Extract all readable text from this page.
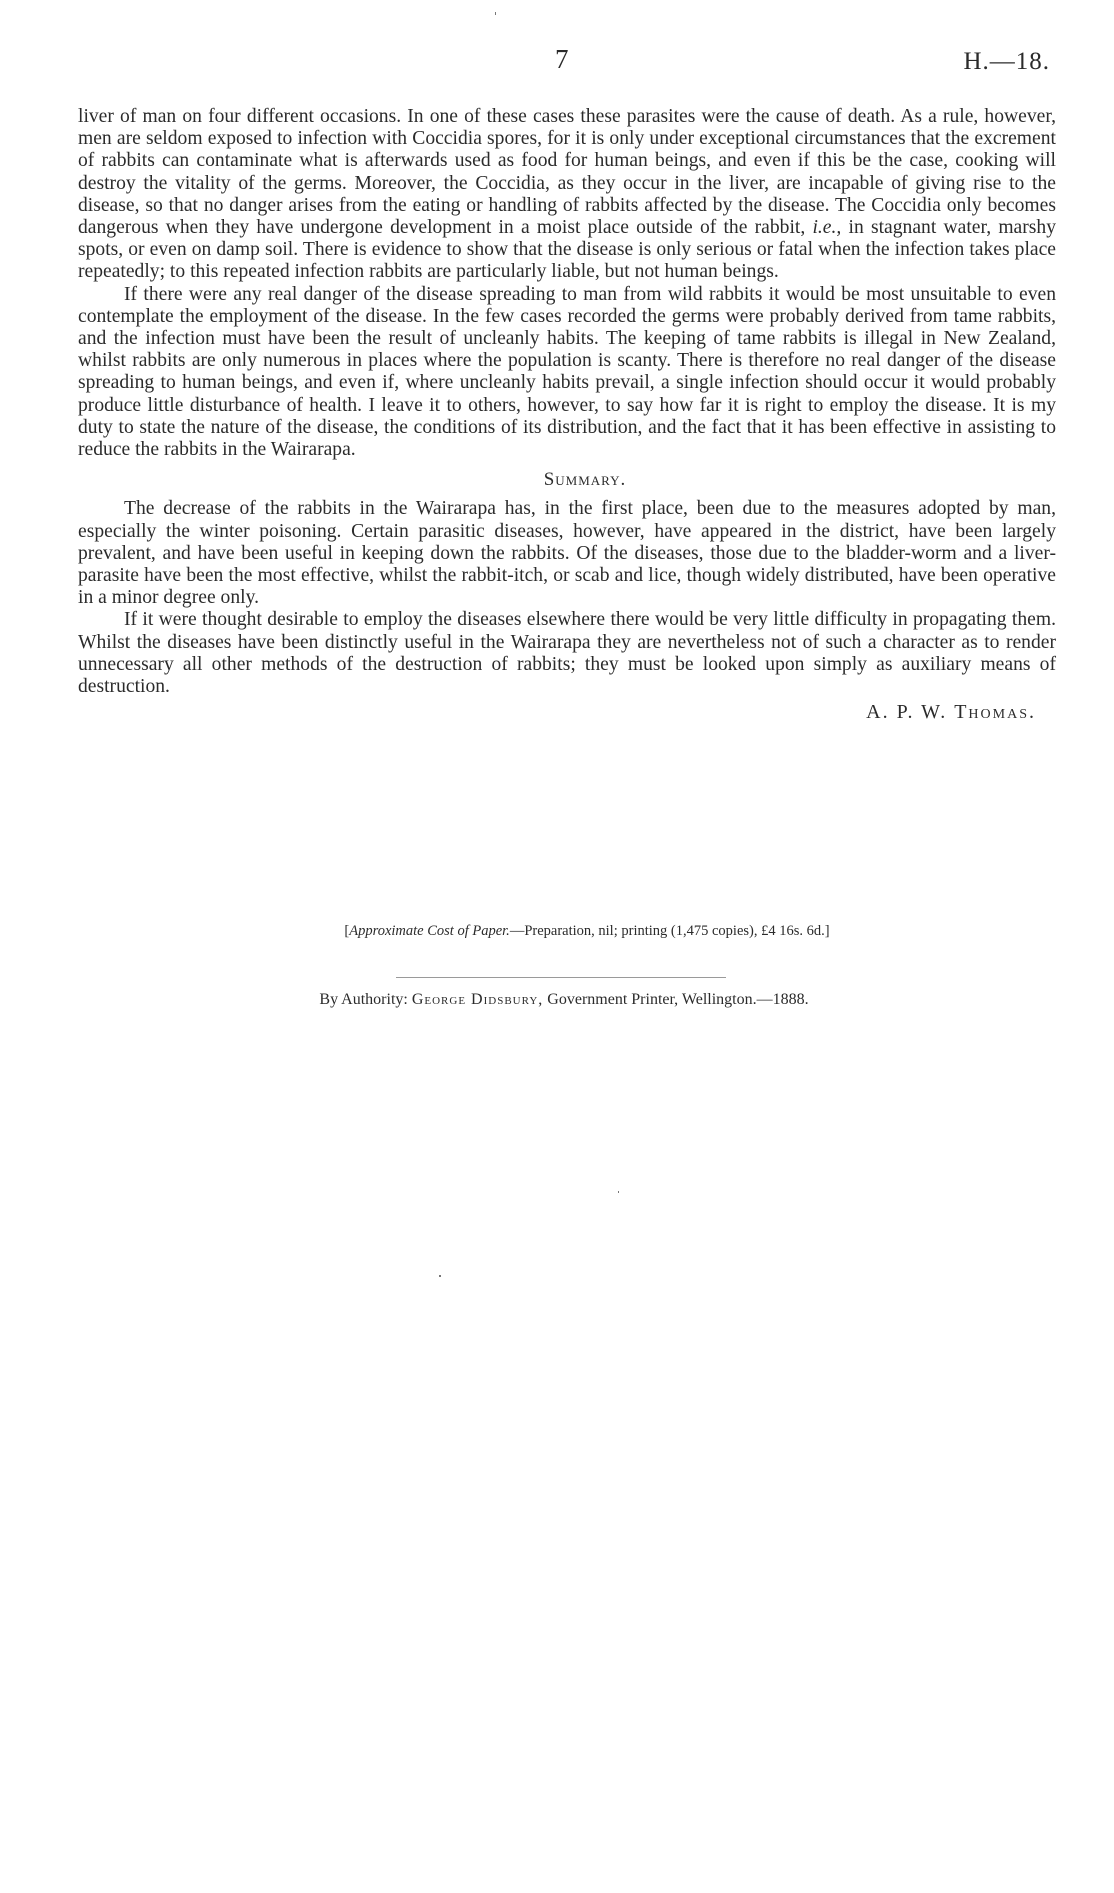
7	H.—18.

liver of man on four different occasions. In one of these cases these parasites were the cause of death. As a rule, however, men are seldom exposed to infection with Coccidia spores, for it is only under exceptional circumstances that the excrement of rabbits can contaminate what is afterwards used as food for human beings, and even if this be the case, cooking will destroy the vitality of the germs. Moreover, the Coccidia, as they occur in the liver, are incapable of giving rise to the disease, so that no danger arises from the eating or handling of rabbits affected by the disease. The Coccidia only becomes dangerous when they have undergone development in a moist place outside of the rabbit, i.e., in stagnant water, marshy spots, or even on damp soil. There is evidence to show that the disease is only serious or fatal when the infection takes place repeatedly; to this repeated infection rabbits are particularly liable, but not human beings.

If there were any real danger of the disease spreading to man from wild rabbits it would be most unsuitable to even contemplate the employment of the disease. In the few cases recorded the germs were probably derived from tame rabbits, and the infection must have been the result of uncleanly habits. The keeping of tame rabbits is illegal in New Zealand, whilst rabbits are only numerous in places where the population is scanty. There is therefore no real danger of the disease spreading to human beings, and even if, where uncleanly habits prevail, a single infection should occur it would probably produce little disturbance of health. I leave it to others, however, to say how far it is right to employ the disease. It is my duty to state the nature of the disease, the conditions of its distribution, and the fact that it has been effective in assisting to reduce the rabbits in the Wairarapa.

Summary.

The decrease of the rabbits in the Wairarapa has, in the first place, been due to the measures adopted by man, especially the winter poisoning. Certain parasitic diseases, however, have appeared in the district, have been largely prevalent, and have been useful in keeping down the rabbits. Of the diseases, those due to the bladder-worm and a liver-parasite have been the most effective, whilst the rabbit-itch, or scab and lice, though widely distributed, have been operative in a minor degree only.

If it were thought desirable to employ the diseases elsewhere there would be very little difficulty in propagating them. Whilst the diseases have been distinctly useful in the Wairarapa they are nevertheless not of such a character as to render unnecessary all other methods of the destruction of rabbits; they must be looked upon simply as auxiliary means of destruction.

A. P. W. Thomas.

[Approximate Cost of Paper.—Preparation, nil; printing (1,475 copies), £4 16s. 6d.]
By Authority: George Didsbury, Government Printer, Wellington.—1888.
